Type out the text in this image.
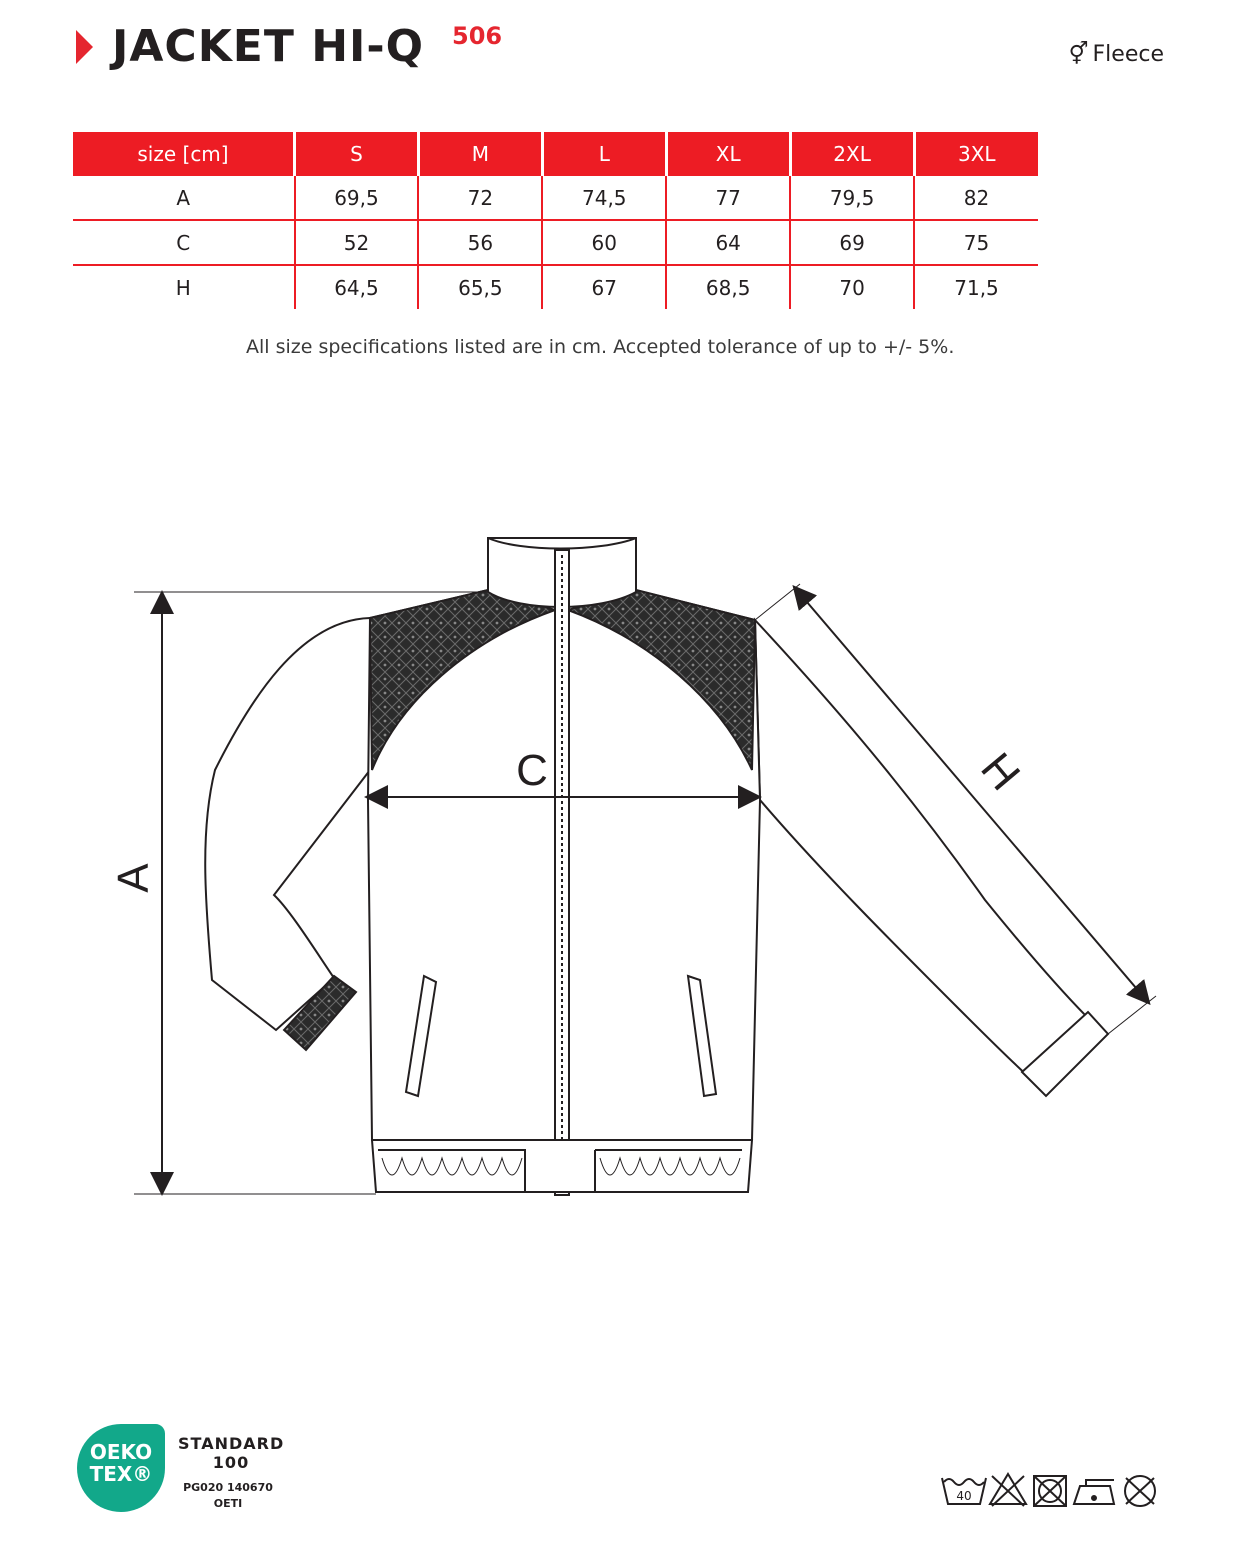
JACKET HI-Q 506
⚥ Fleece
size [cm]	S	M	L	XL	2XL	3XL
A	69,5	72	74,5	77	79,5	82
C	52	56	60	64	69	75
H	64,5	65,5	67	68,5	70	71,5
All size specifications listed are in cm. Accepted tolerance of up to +/- 5%.
A
C	H
OEKO
TEX®
STANDARD
100
PG020 140670
OETI
40
